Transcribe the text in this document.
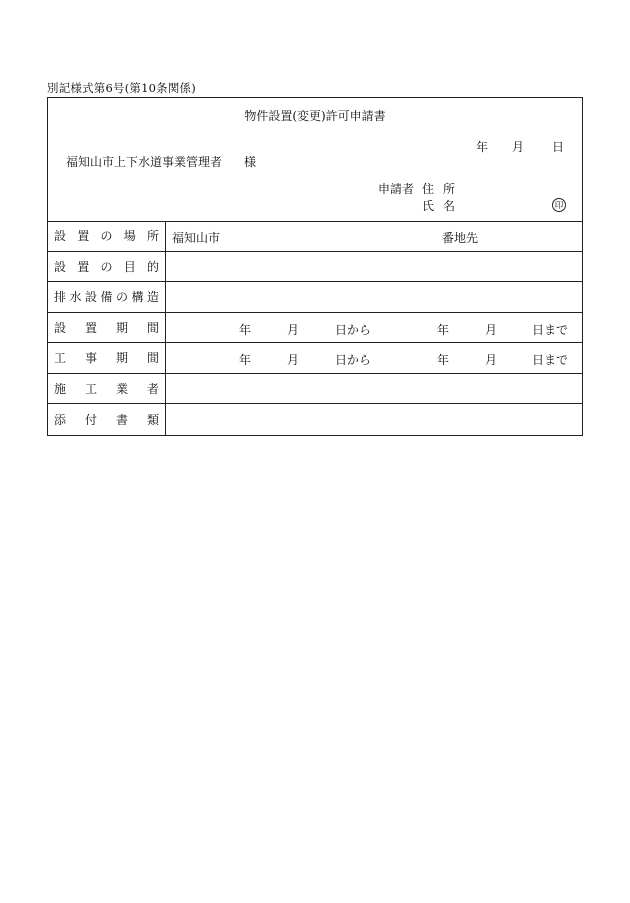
別記様式第6号(第10条関係)
物件設置(変更)許可申請書
年 月 日
福知山市上下水道事業管理者 様
申請者 住所
氏名	印
設置の場所 福知山市	番地先
設置の目的
排水設備の構造
設置期間	年	月	日から	年	月	日まで
工事期間	年	月	日から	年	月	日まで
施工業者
添付書類
